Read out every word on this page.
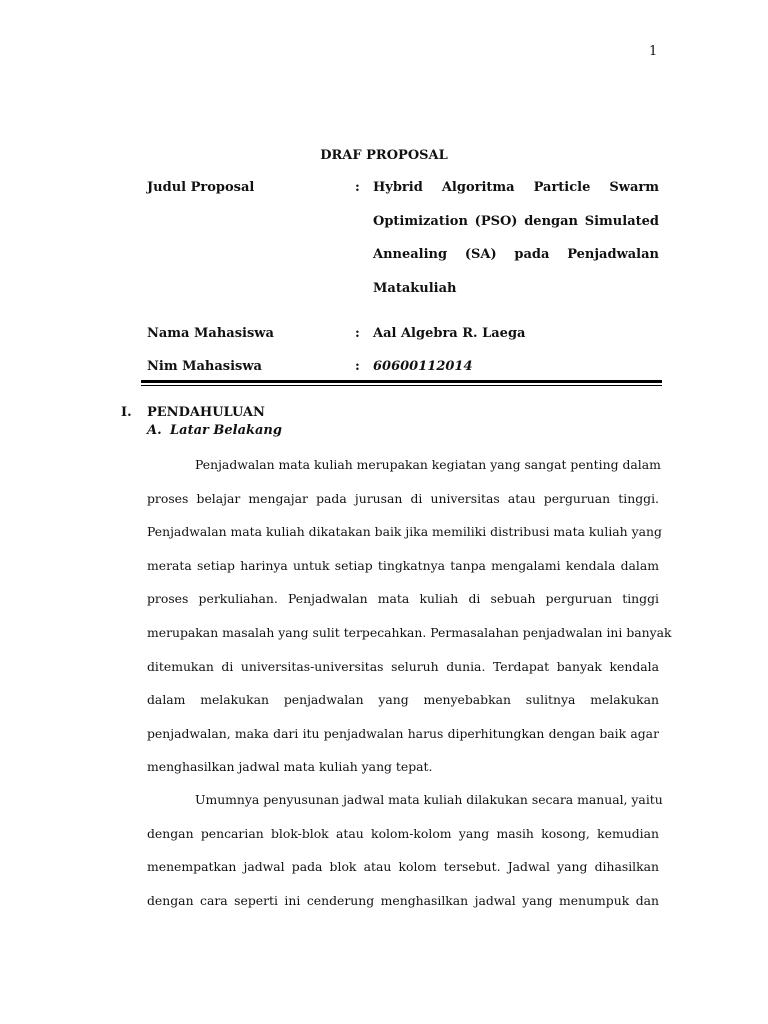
1
DRAF PROPOSAL
Judul Proposal	: Hybrid Algoritma Particle Swarm
Optimization (PSO) dengan Simulated
Annealing (SA) pada Penjadwalan
Matakuliah
Nama Mahasiswa	: Aal Algebra R. Laega
Nim Mahasiswa	: 60600112014
I. PENDAHULUAN
A. Latar Belakang
Penjadwalan mata kuliah merupakan kegiatan yang sangat penting dalam
proses belajar mengajar pada jurusan di universitas atau perguruan tinggi.
Penjadwalan mata kuliah dikatakan baik jika memiliki distribusi mata kuliah yang
merata setiap harinya untuk setiap tingkatnya tanpa mengalami kendala dalam
proses perkuliahan. Penjadwalan mata kuliah di sebuah perguruan tinggi
merupakan masalah yang sulit terpecahkan. Permasalahan penjadwalan ini banyak
ditemukan di universitas-universitas seluruh dunia. Terdapat banyak kendala
dalam melakukan penjadwalan yang menyebabkan sulitnya melakukan
penjadwalan, maka dari itu penjadwalan harus diperhitungkan dengan baik agar
menghasilkan jadwal mata kuliah yang tepat.
Umumnya penyusunan jadwal mata kuliah dilakukan secara manual, yaitu
dengan pencarian blok-blok atau kolom-kolom yang masih kosong, kemudian
menempatkan jadwal pada blok atau kolom tersebut. Jadwal yang dihasilkan
dengan cara seperti ini cenderung menghasilkan jadwal yang menumpuk dan
